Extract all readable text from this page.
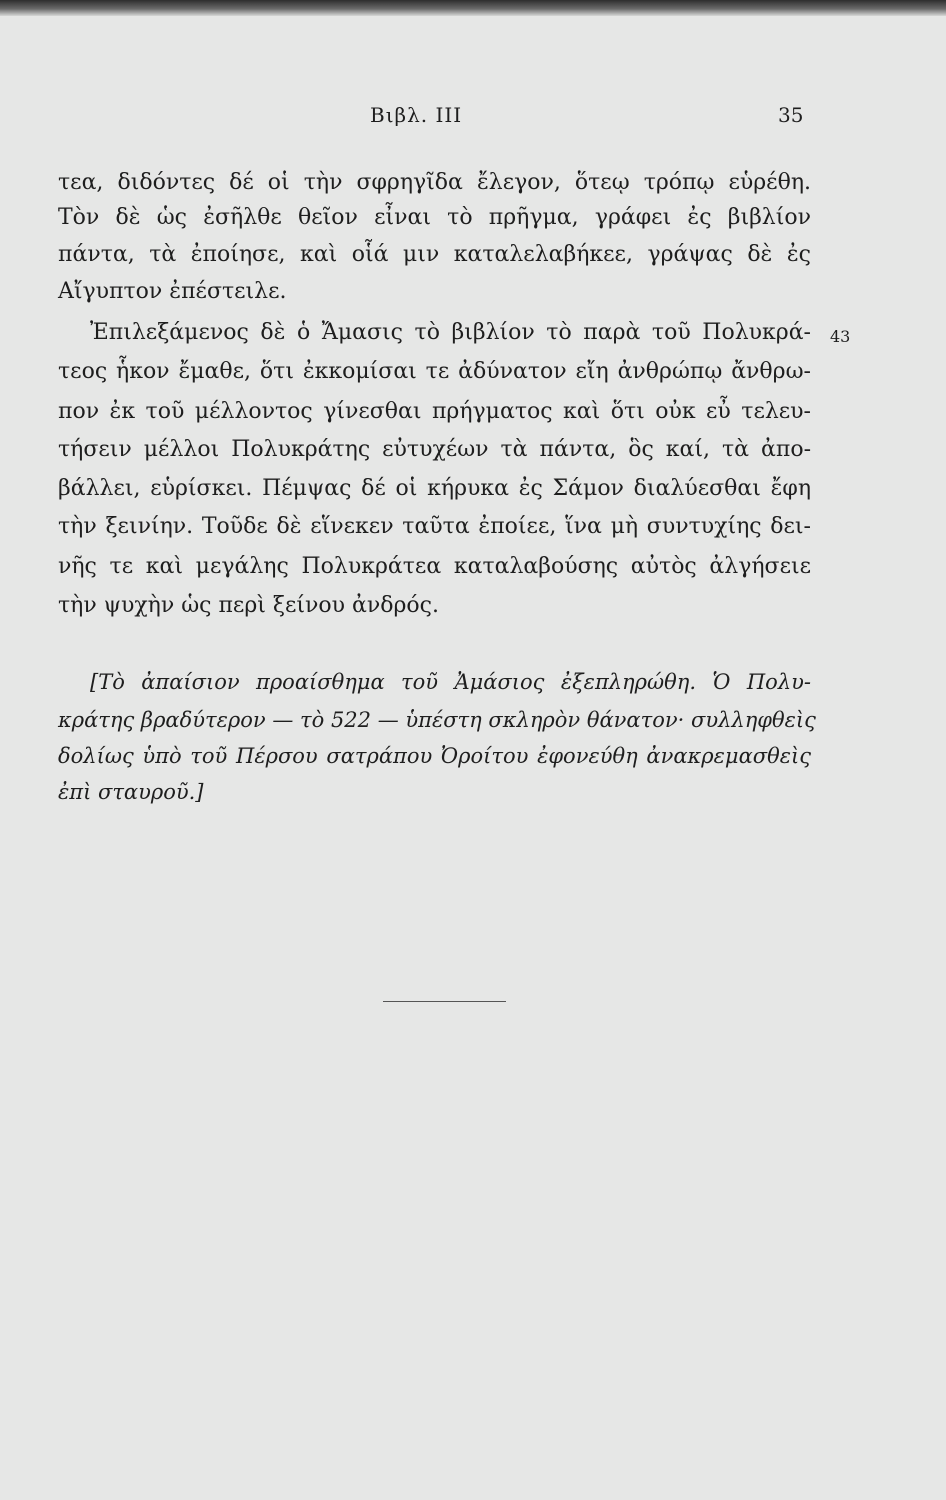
Βιβλ. III	35
τεα, διδόντες δέ οἱ τὴν σφρηγῖδα ἔλεγον, ὅτεῳ τρόπῳ εὑρέθη.
Τὸν δὲ ὡς ἐσῆλθε θεῖον εἶναι τὸ πρῆγμα, γράφει ἐς βιβλίον
πάντα, τὰ ἐποίησε, καὶ οἷά μιν καταλελαβήκεε, γράψας δὲ ἐς
Αἴγυπτον ἐπέστειλε.
Ἐπιλεξάμενος δὲ ὁ Ἄμασις τὸ βιβλίον τὸ παρὰ τοῦ Πολυκρά-
τεος ἧκον ἔμαθε, ὅτι ἐκκομίσαι τε ἀδύνατον εἴη ἀνθρώπῳ ἄνθρω-
πον ἐκ τοῦ μέλλοντος γίνεσθαι πρήγματος καὶ ὅτι οὐκ εὖ τελευ-
τήσειν μέλλοι Πολυκράτης εὐτυχέων τὰ πάντα, ὃς καί, τὰ ἀπο-
βάλλει, εὑρίσκει. Πέμψας δέ οἱ κήρυκα ἐς Σάμον διαλύεσθαι ἔφη
τὴν ξεινίην. Τοῦδε δὲ εἵνεκεν ταῦτα ἐποίεε, ἵνα μὴ συντυχίης δει-
νῆς τε καὶ μεγάλης Πολυκράτεα καταλαβούσης αὐτὸς ἀλγήσειε
τὴν ψυχὴν ὡς περὶ ξείνου ἀνδρός.
43
[Τὸ ἀπαίσιον προαίσθημα τοῦ Ἀμάσιος ἐξεπληρώθη. Ὁ Πολυ-
κράτης βραδύτερον — τὸ 522 — ὑπέστη σκληρὸν θάνατον· συλληφθεὶς
δολίως ὑπὸ τοῦ Πέρσου σατράπου Ὀροίτου ἐφονεύθη ἀνακρεμασθεὶς
ἐπὶ σταυροῦ.]
